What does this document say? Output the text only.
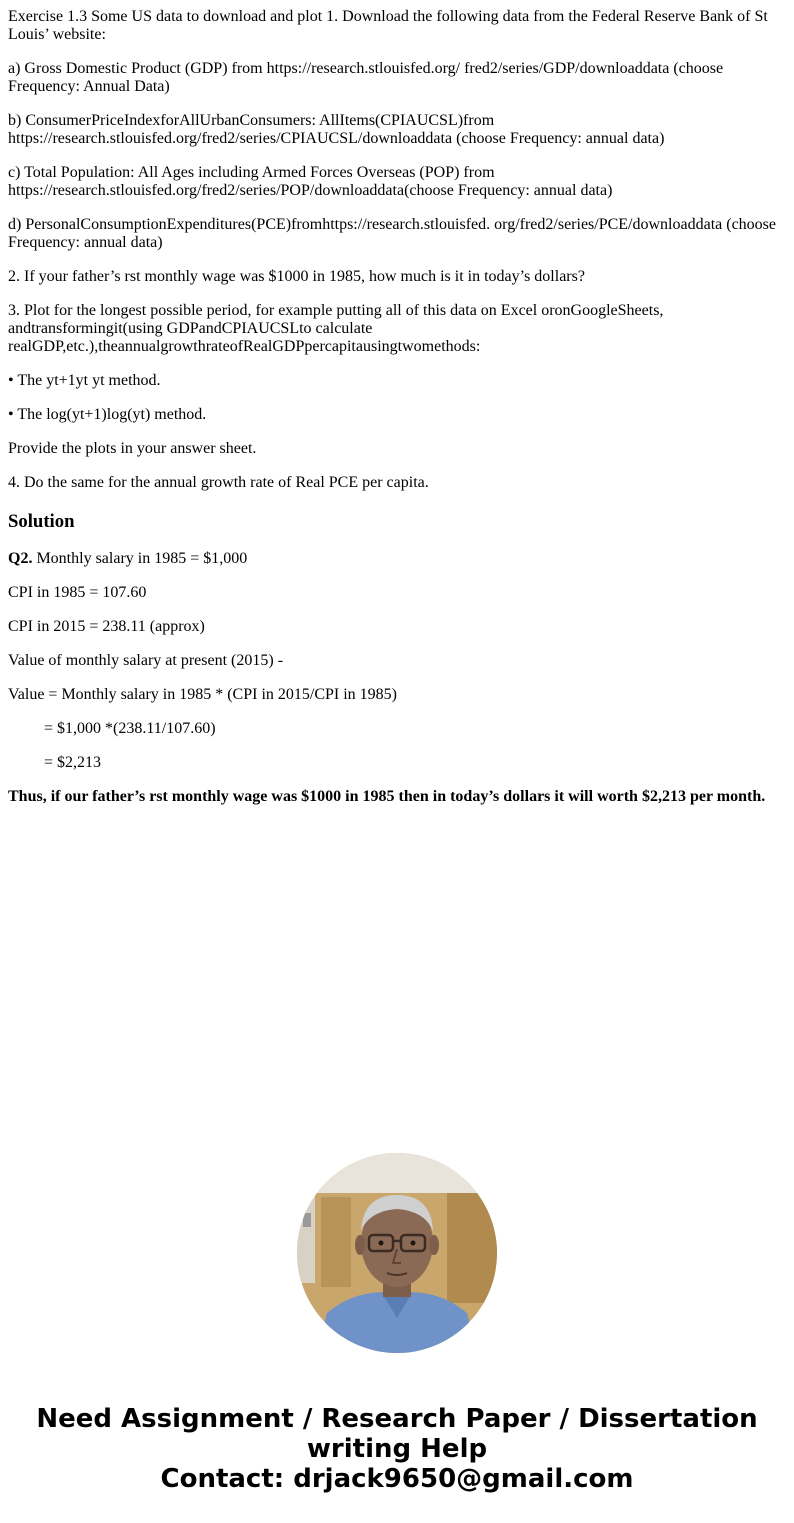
Exercise 1.3 Some US data to download and plot 1. Download the following data from the Federal Reserve Bank of St Louis’ website:

a) Gross Domestic Product (GDP) from https://research.stlouisfed.org/ fred2/series/GDP/downloaddata (choose Frequency: Annual Data)

b) ConsumerPriceIndexforAllUrbanConsumers: AllItems(CPIAUCSL)from https://research.stlouisfed.org/fred2/series/CPIAUCSL/downloaddata (choose Frequency: annual data)

c) Total Population: All Ages including Armed Forces Overseas (POP) from https://research.stlouisfed.org/fred2/series/POP/downloaddata(choose Frequency: annual data)

d) PersonalConsumptionExpenditures(PCE)fromhttps://research.stlouisfed. org/fred2/series/PCE/downloaddata (choose Frequency: annual data)

2. If your father’s rst monthly wage was $1000 in 1985, how much is it in today’s dollars?

3. Plot for the longest possible period, for example putting all of this data on Excel oronGoogleSheets, andtransformingit(using GDPandCPIAUCSLto calculate realGDP,etc.),theannualgrowthrateofRealGDPpercapitausingtwomethods:

• The yt+1yt yt method.

• The log(yt+1)log(yt) method.

Provide the plots in your answer sheet.

4. Do the same for the annual growth rate of Real PCE per capita.

Solution

Q2. Monthly salary in 1985 = $1,000

CPI in 1985 = 107.60

CPI in 2015 = 238.11 (approx)

Value of monthly salary at present (2015) -

Value = Monthly salary in 1985 * (CPI in 2015/CPI in 1985)

= $1,000 *(238.11/107.60)

= $2,213

Thus, if our father’s rst monthly wage was $1000 in 1985 then in today’s dollars it will worth $2,213 per month.

Need Assignment / Research Paper / Dissertation
writing Help
Contact: drjack9650@gmail.com
